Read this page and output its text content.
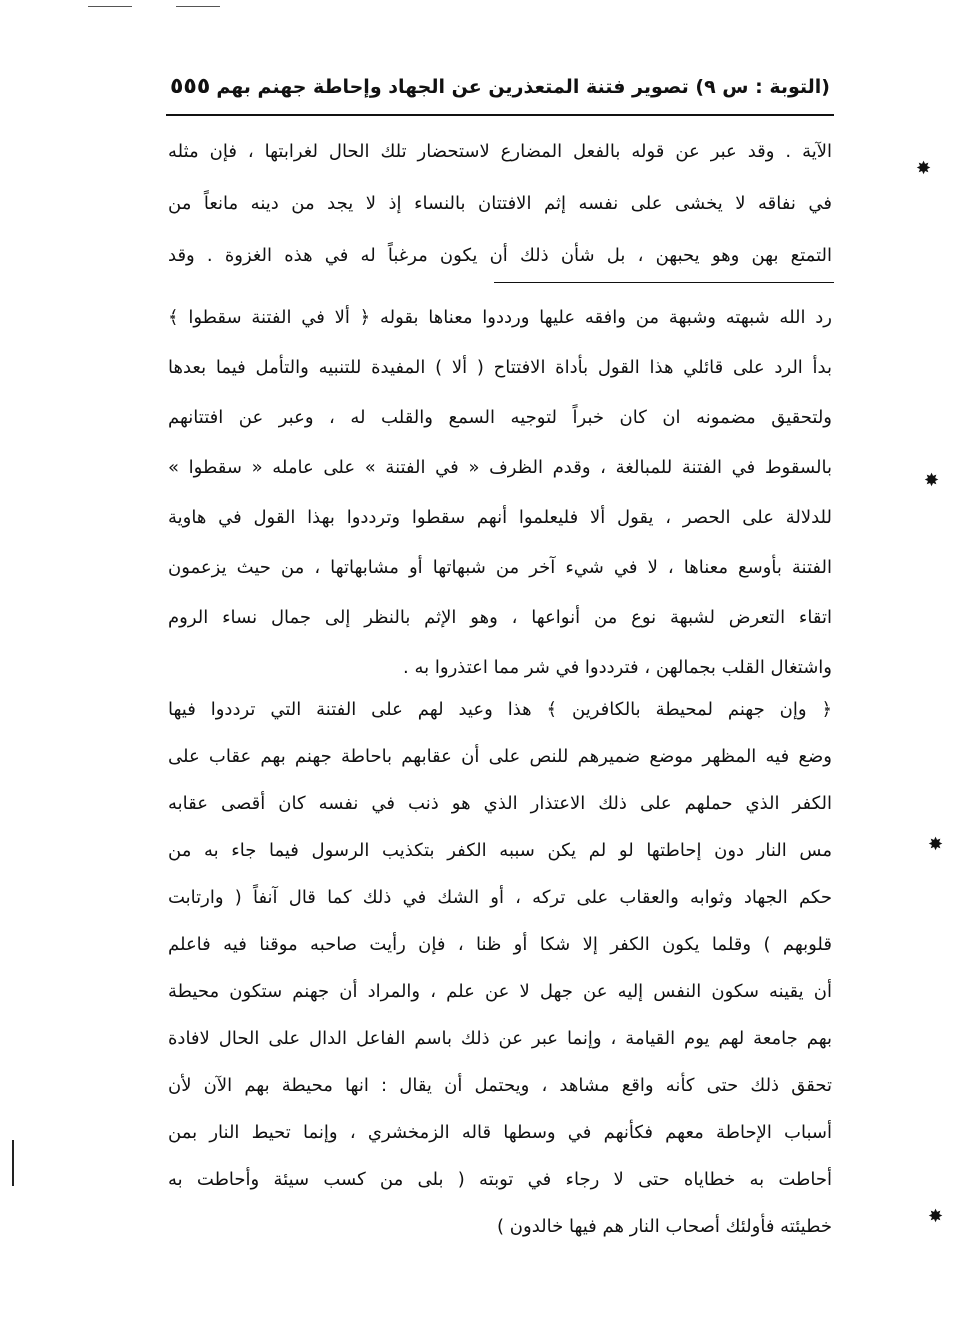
(التوبة : س ٩) تصوير فتنة المتعذرين عن الجهاد وإحاطة جهنم بهم
٥٥٥
الآية . وقد عبر عن قوله بالفعل المضارع لاستحضار تلك الحال لغرابتها ، فإن مثله
في نفاقه لا يخشى على نفسه إثم الافتتان بالنساء إذ لا يجد من دينه مانعاً من
التمتع بهن وهو يحبهن ، بل شأن ذلك أن يكون مرغباً له في هذه الغزوة . وقد
رد الله شبهته وشبهة من وافقه عليها ورددوا معناها بقوله ﴿ ألا في الفتنة سقطوا ﴾
بدأ الرد على قائلي هذا القول بأداة الافتتاح ( ألا ) المفيدة للتنبيه والتأمل فيما بعدها
ولتحقيق مضمونه ان كان خبراً لتوجيه السمع والقلب له ، وعبر عن افتتانهم
بالسقوط في الفتنة للمبالغة ، وقدم الظرف « في الفتنة » على عامله « سقطوا »
للدلالة على الحصر ، يقول ألا فليعلموا أنهم سقطوا وترددوا بهذا القول في هاوية
الفتنة بأوسع معناها ، لا في شيء آخر من شبهاتها أو مشابهاتها ، من حيث يزعمون
اتقاء التعرض لشبهة نوع من أنواعها ، وهو الإثم بالنظر إلى جمال نساء الروم
واشتغال القلب بجمالهن ، فترددوا في شر مما اعتذروا به .
﴿ وإن جهنم لمحيطة بالكافرين ﴾ هذا وعيد لهم على الفتنة التي ترددوا فيها
وضع فيه المظهر موضع ضميرهم للنص على أن عقابهم باحاطة جهنم بهم عقاب على
الكفر الذي حملهم على ذلك الاعتذار الذي هو ذنب في نفسه كان أقصى عقابه
مس النار دون إحاطتها لو لم يكن سببه الكفر بتكذيب الرسول فيما جاء به من
حكم الجهاد وثوابه والعقاب على تركه ، أو الشك في ذلك كما قال آنفاً ( وارتابت
قلوبهم ) وقلما يكون الكفر إلا شكا أو ظنا ، فإن رأيت صاحبه موقنا فيه فاعلم
أن يقينه سكون النفس إليه عن جهل لا عن علم ، والمراد أن جهنم ستكون محيطة
بهم جامعة لهم يوم القيامة ، وإنما عبر عن ذلك باسم الفاعل الدال على الحال لافادة
تحقق ذلك حتى كأنه واقع مشاهد ، ويحتمل أن يقال : انها محيطة بهم الآن لأن
أسباب الإحاطة معهم فكأنهم في وسطها قاله الزمخشري ، وإنما تحيط النار بمن
أحاطت به خطاياه حتى لا رجاء في توبته ( بلى من كسب سيئة وأحاطت به
خطيئته فأولئك أصحاب النار هم فيها خالدون )
✸
✸
✸
✸
